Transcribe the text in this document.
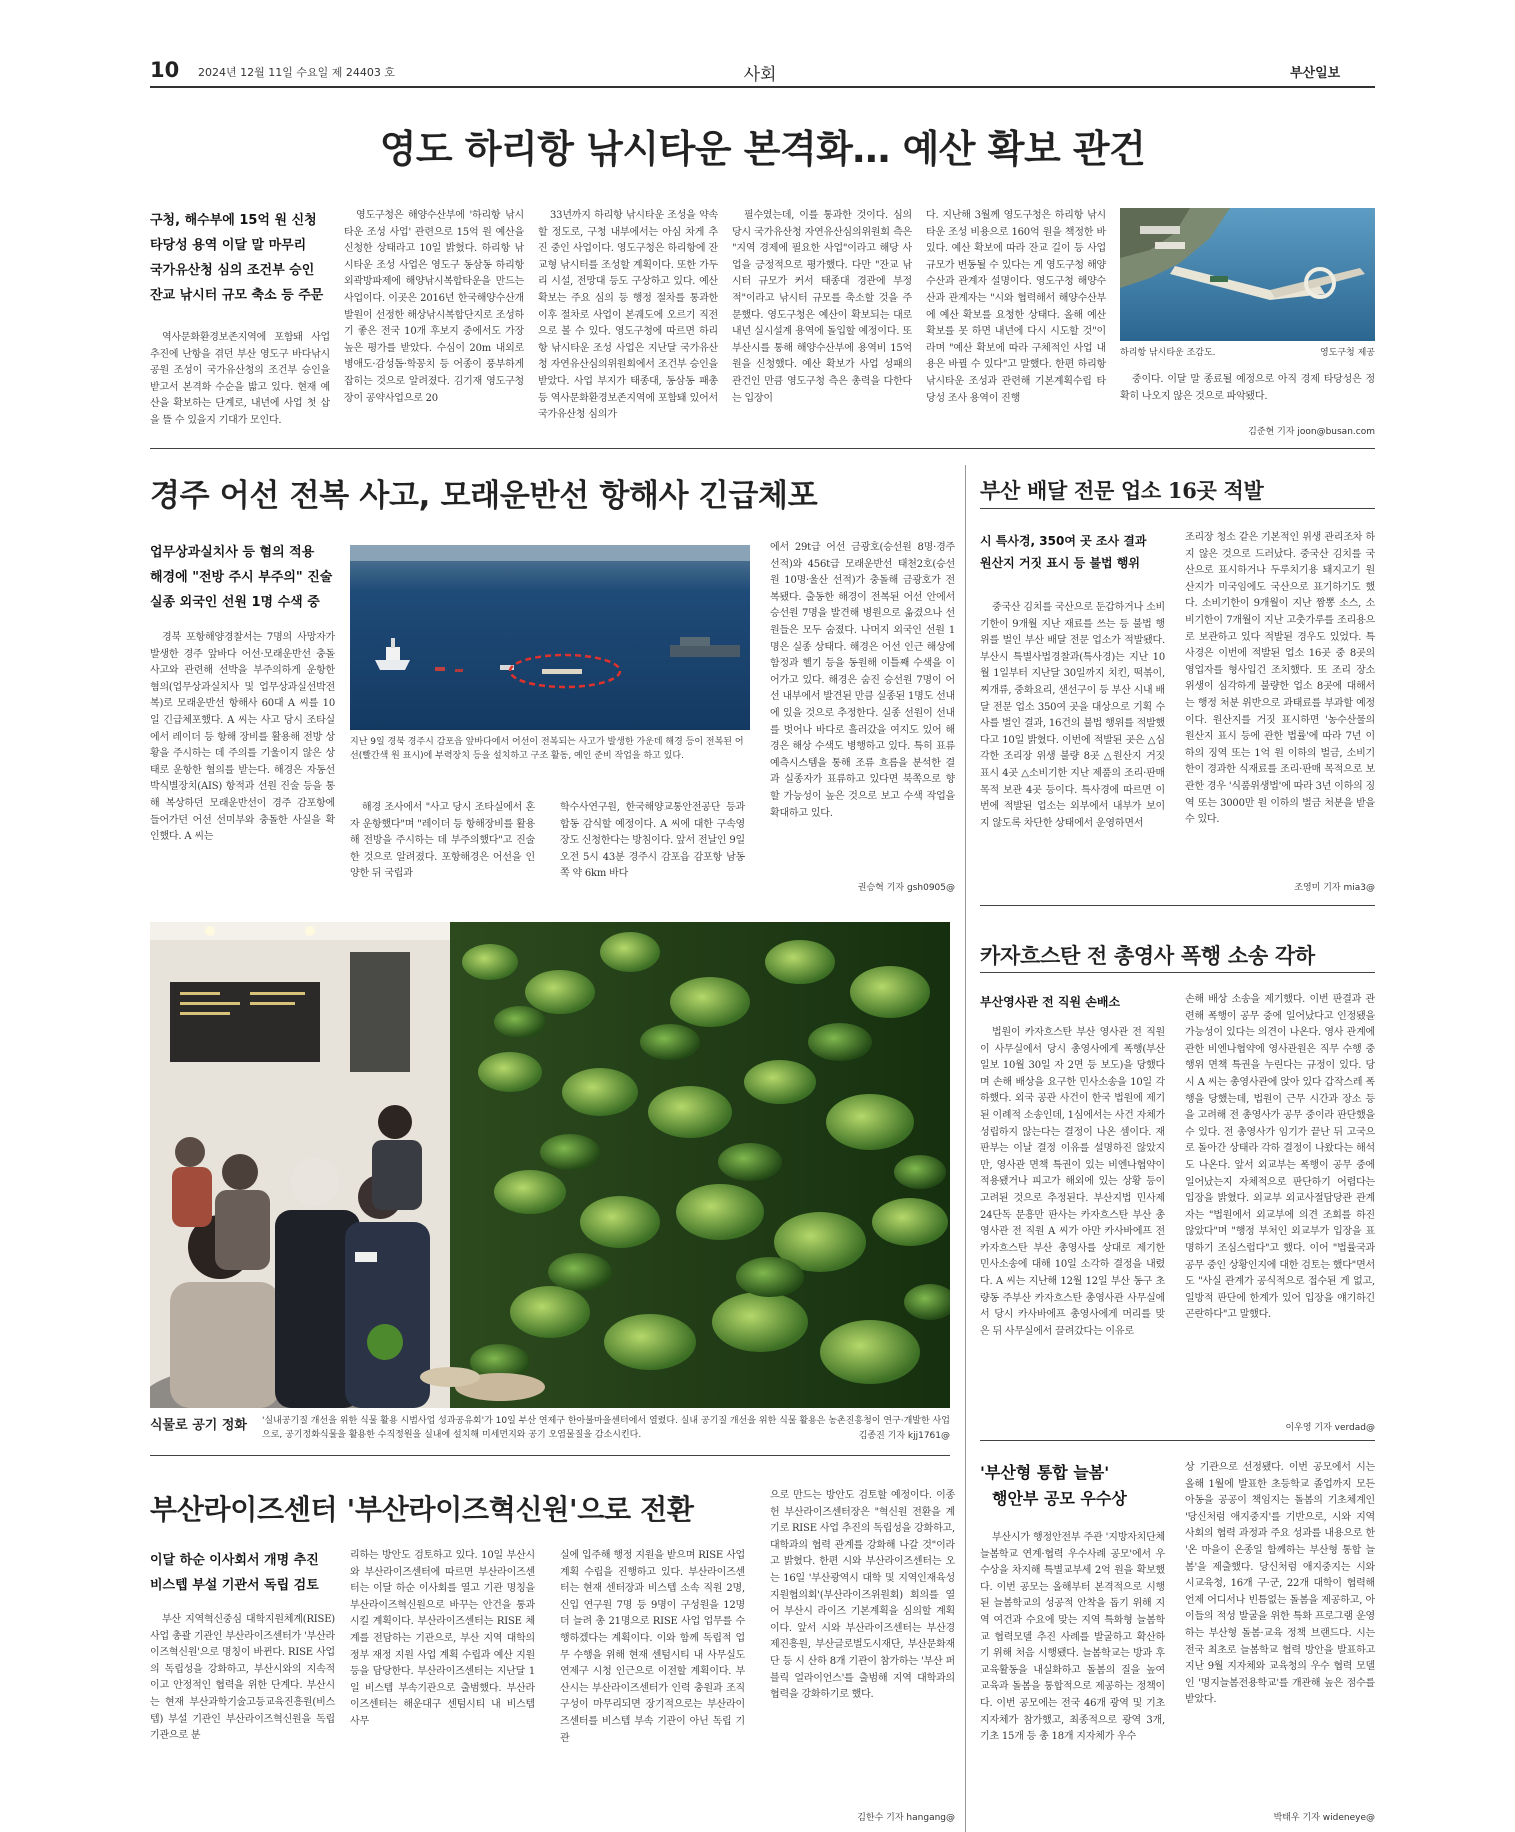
10 2024년 12월 11일 수요일 제 24403 호	사회	부산일보
영도 하리항 낚시타운 본격화… 예산 확보 관건
구청, 해수부에 15억 원 신청
타당성 용역 이달 말 마무리
국가유산청 심의 조건부 승인
잔교 낚시터 규모 축소 등 주문
역사문화환경보존지역에 포함돼 사업 추진에 난항을 겪던 부산 영도구 바다낚시 공원 조성이 국가유산청의 조건부 승인을 받고서 본격화 수순을 밟고 있다. 현재 예산을 확보하는 단계로, 내년에 사업 첫 삽을 뜰 수 있을지 기대가 모인다.
영도구청은 해양수산부에 '하리항 낚시타운 조성 사업' 관련으로 15억 원 예산을 신청한 상태라고 10일 밝혔다. 하리항 낚시타운 조성 사업은 영도구 동삼동 하리항 외곽방파제에 해양낚시복합타운을 만드는 사업이다. 이곳은 2016년 한국해양수산개발원이 선정한 해상낚시복합단지로 조성하기 좋은 전국 10개 후보지 중에서도 가장 높은 평가를 받았다. 수심이 20m 내외로 병애도·감성돔·학꽁치 등 어종이 풍부하게 잡히는 것으로 알려졌다. 김기재 영도구청장이 공약사업으로 20
33년까지 하리항 낚시타운 조성을 약속할 정도로, 구청 내부에서는 아심 차게 추진 중인 사업이다. 영도구청은 하리항에 잔교형 낚시터를 조성할 계획이다. 또한 가두리 시설, 전망대 등도 구상하고 있다. 예산 확보는 주요 심의 등 행정 절차를 통과한 이후 절차로 사업이 본궤도에 오르기 직전으로 볼 수 있다. 영도구청에 따르면 하리항 낚시타운 조성 사업은 지난달 국가유산청 자연유산심의위원회에서 조건부 승인을 받았다. 사업 부지가 태종대, 동삼동 패총 등 역사문화환경보존지역에 포함돼 있어서 국가유산청 심의가
필수였는데, 이를 통과한 것이다. 심의 당시 국가유산청 자연유산심의위원회 측은 "지역 경제에 필요한 사업"이라고 해당 사업을 긍정적으로 평가했다. 다만 "잔교 낚시터 규모가 커서 태종대 경관에 부정적"이라고 낚시터 규모를 축소할 것을 주문했다. 영도구청은 예산이 확보되는 대로 내년 실시설계 용역에 돌입할 예정이다. 또 부산시를 통해 해양수산부에 용역비 15억 원을 신청했다. 예산 확보가 사업 성패의 관건인 만큼 영도구청 측은 총력을 다한다는 입장이
다. 지난해 3월께 영도구청은 하리항 낚시타운 조성 비용으로 160억 원을 책정한 바 있다. 예산 확보에 따라 잔교 길이 등 사업 규모가 변동될 수 있다는 게 영도구청 해양수산과 관계자 설명이다. 영도구청 해양수산과 관계자는 "시와 협력해서 해양수산부에 예산 확보를 요청한 상태다. 올해 예산 확보를 못 하면 내년에 다시 시도할 것"이라며 "예산 확보에 따라 구체적인 사업 내용은 바뀔 수 있다"고 말했다. 한편 하리항 낚시타운 조성과 관련해 기본계획수립 타당성 조사 용역이 진행
하리항 낚시타운 조감도.	영도구청 제공
중이다. 이달 말 종료될 예정으로 아직 경제 타당성은 정확히 나오지 않은 것으로 파악됐다.
김준현 기자 joon@busan.com
경주 어선 전복 사고, 모래운반선 항해사 긴급체포
업무상과실치사 등 혐의 적용
해경에 "전방 주시 부주의" 진술
실종 외국인 선원 1명 수색 중
경북 포항해양경찰서는 7명의 사망자가 발생한 경주 앞바다 어선·모래운반선 충돌 사고와 관련해 선박을 부주의하게 운항한 혐의(업무상과실치사 및 업무상과실선박전복)로 모래운반선 항해사 60대 A 씨를 10일 긴급체포했다. A 씨는 사고 당시 조타실에서 레이더 등 항해 장비를 활용해 전방 상황을 주시하는 데 주의를 기울이지 않은 상태로 운항한 혐의를 받는다. 해경은 자동선박식별장치(AIS) 항적과 선원 진술 등을 통해 복상하던 모래운반선이 경주 감포항에 들어가던 어선 선미부와 충돌한 사실을 확인했다. A 씨는
지난 9일 경북 경주시 감포읍 앞바다에서 어선이 전복되는 사고가 발생한 가운데 해경 등이 전복된 어선(빨간색 원 표시)에 부력장치 등을 설치하고 구조 활동, 예인 준비 작업을 하고 있다.
해경 조사에서 "사고 당시 조타실에서 혼자 운항했다"며 "레이더 등 항해장비를 활용해 전방을 주시하는 데 부주의했다"고 진술한 것으로 알려졌다. 포항해경은 어선을 인양한 뒤 국립과
학수사연구원, 한국해양교통안전공단 등과 합동 감식할 예정이다. A 씨에 대한 구속영장도 신청한다는 방침이다. 앞서 전날인 9일 오전 5시 43분 경주시 감포읍 감포항 남동쪽 약 6km 바다
에서 29t급 어선 금광호(승선원 8명·경주 선적)와 456t급 모래운반선 태천2호(승선원 10명·울산 선적)가 충돌해 금광호가 전복됐다. 출동한 해경이 전복된 어선 안에서 승선원 7명을 발견해 병원으로 옮겼으나 선원들은 모두 숨졌다. 나머지 외국인 선원 1명은 실종 상태다. 해경은 어선 인근 해상에 함정과 헬기 등을 동원해 이틀째 수색을 이어가고 있다. 해경은 숨진 승선원 7명이 어선 내부에서 발견된 만큼 실종된 1명도 선내에 있을 것으로 추정한다. 실종 선원이 선내를 벗어나 바다로 흘러갔을 여지도 있어 해경은 해상 수색도 병행하고 있다. 특히 표류예측시스템을 통해 조류 흐름을 분석한 결과 실종자가 표류하고 있다면 북쪽으로 향할 가능성이 높은 것으로 보고 수색 작업을 확대하고 있다.
권승혁 기자 gsh0905@
부산 배달 전문 업소 16곳 적발
시 특사경, 350여 곳 조사 결과
원산지 거짓 표시 등 불법 행위
중국산 김치를 국산으로 둔갑하거나 소비기한이 9개월 지난 재료를 쓰는 등 불법 행위를 벌인 부산 배달 전문 업소가 적발됐다. 부산시 특별사법경찰과(특사경)는 지난 10월 1일부터 지난달 30일까지 치킨, 떡볶이, 찌개류, 중화요리, 샌선구이 등 부산 시내 배달 전문 업소 350여 곳을 대상으로 기획 수사를 벌인 결과, 16건의 불법 행위를 적발했다고 10일 밝혔다. 이번에 적발된 곳은 △심각한 조리장 위생 불량 8곳 △원산지 거짓 표시 4곳 △소비기한 지난 제품의 조리·판매 목적 보관 4곳 등이다. 특사경에 따르면 이번에 적발된 업소는 외부에서 내부가 보이지 않도록 차단한 상태에서 운영하면서
조리장 청소 같은 기본적인 위생 관리조차 하지 않은 것으로 드러났다. 중국산 김치를 국산으로 표시하거나 두루치기용 돼지고기 원산지가 미국임에도 국산으로 표기하기도 했다. 소비기한이 9개월이 지난 짬뽕 소스, 소비기한이 7개월이 지난 고춧가루를 조리용으로 보관하고 있다 적발된 경우도 있었다. 특사경은 이번에 적발된 업소 16곳 중 8곳의 영업자를 형사입건 조치했다. 또 조리 장소 위생이 심각하게 불량한 업소 8곳에 대해서는 행정 처분 위반으로 과태료를 부과할 예정이다. 원산지를 거짓 표시하면 '농수산물의 원산지 표시 등에 관한 법률'에 따라 7년 이하의 징역 또는 1억 원 이하의 벌금, 소비기한이 경과한 식재료를 조리·판매 목적으로 보관한 경우 '식품위생법'에 따라 3년 이하의 징역 또는 3000만 원 이하의 벌금 처분을 받을 수 있다.
조영미 기자 mia3@
카자흐스탄 전 총영사 폭행 소송 각하
부산영사관 전 직원 손배소
법원이 카자흐스탄 부산 영사관 전 직원이 사무실에서 당시 총영사에게 폭행(부산일보 10월 30일 자 2면 등 보도)을 당했다며 손해 배상을 요구한 민사소송을 10일 각하했다. 외국 공관 사건이 한국 법원에 제기된 이례적 소송인데, 1심에서는 사건 자체가 성립하지 않는다는 결정이 나온 셈이다. 재판부는 이날 결정 이유를 설명하진 않았지만, 영사관 면책 특권이 있는 비엔나협약이 적용됐거나 피고가 해외에 있는 상황 등이 고려된 것으로 추정된다. 부산지법 민사제24단독 문흥만 판사는 카자흐스탄 부산 총영사관 전 직원 A 씨가 아만 카사바에프 전 카자흐스탄 부산 총영사를 상대로 제기한 민사소송에 대해 10일 소각하 결정을 내렸다. A 씨는 지난해 12월 12일 부산 동구 초량동 주부산 카자흐스탄 총영사관 사무실에서 당시 카사바에프 총영사에게 머리를 맞은 뒤 사무실에서 끌려갔다는 이유로
손해 배상 소송을 제기했다. 이번 판결과 관련해 폭행이 공무 중에 일어났다고 인정됐을 가능성이 있다는 의견이 나온다. 영사 관계에 관한 비엔나협약에 영사관원은 직무 수행 중 행위 면책 특권을 누린다는 규정이 있다. 당시 A 씨는 총영사관에 앉아 있다 갑작스레 폭행을 당했는데, 법원이 근무 시간과 장소 등을 고려해 전 총영사가 공무 중이라 판단했을 수 있다. 전 총영사가 임기가 끝난 뒤 고국으로 돌아간 상태라 각하 결정이 나왔다는 해석도 나온다. 앞서 외교부는 폭행이 공무 중에 일어났는지 자체적으로 판단하기 어렵다는 입장을 밝혔다. 외교부 외교사절담당관 관계자는 "법원에서 외교부에 의견 조회를 하진 않았다"며 "행정 부처인 외교부가 입장을 표명하기 조심스럽다"고 했다. 이어 "법률국과 공무 중인 상황인지에 대한 검토는 했다"면서도 "사실 관계가 공식적으로 접수된 게 없고, 일방적 판단에 한계가 있어 입장을 얘기하긴 곤란하다"고 말했다.
이우영 기자 verdad@
식물로 공기 정화	'실내공기질 개선을 위한 식물 활용 시범사업 성과공유회'가 10일 부산 연제구 한아불마을센터에서 열렸다. 실내 공기질 개선을 위한 식물 활용은 농촌진흥청이 연구·개발한 사업으로, 공기정화식물을 활용한 수직정원을 실내에 설치해 미세먼지와 공기 오염물질을 감소시킨다.	김종진 기자 kjj1761@
부산라이즈센터 '부산라이즈혁신원'으로 전환
이달 하순 이사회서 개명 추진
비스텝 부설 기관서 독립 검토
부산 지역혁신중심 대학지원체계(RISE) 사업 총괄 기관인 부산라이즈센터가 '부산라이즈혁신원'으로 명칭이 바뀐다. RISE 사업의 독립성을 강화하고, 부산시와의 지속적이고 안정적인 협력을 위한 단계다. 부산시는 현재 부산과학기술고등교육진흥원(비스텝) 부설 기관인 부산라이즈혁신원을 독립 기관으로 분
리하는 방안도 검토하고 있다. 10일 부산시와 부산라이즈센터에 따르면 부산라이즈센터는 이달 하순 이사회를 열고 기관 명칭을 부산라이즈혁신원으로 바꾸는 안건을 통과시킬 계획이다. 부산라이즈센터는 RISE 체계를 전담하는 기관으로, 부산 지역 대학의 정부 재정 지원 사업 계획 수립과 예산 지원 등을 담당한다. 부산라이즈센터는 지난달 1일 비스텝 부속기관으로 출범했다. 부산라이즈센터는 해운대구 센텀시티 내 비스텝 사무
실에 입주해 행정 지원을 받으며 RISE 사업 계획 수립을 진행하고 있다. 부산라이즈센터는 현재 센터장과 비스텝 소속 직원 2명, 신입 연구원 7명 등 9명이 구성원을 12명 더 늘려 총 21명으로 RISE 사업 업무를 수행하겠다는 계획이다. 이와 함께 독립적 업무 수행을 위해 현재 센텀시티 내 사무실도 연제구 시청 인근으로 이전할 계획이다. 부산시는 부산라이즈센터가 인력 충원과 조직 구성이 마무리되면 장기적으로는 부산라이즈센터를 비스텝 부속 기관이 아닌 독립 기관
으로 만드는 방안도 검토할 예정이다. 이종헌 부산라이즈센터장은 "혁신원 전환을 계기로 RISE 사업 추진의 독립성을 강화하고, 대학과의 협력 관계를 강화해 나갈 것"이라고 밝혔다. 한편 시와 부산라이즈센터는 오는 16일 '부산광역시 대학 및 지역인재육성지원협의회'(부산라이즈위원회) 회의를 열어 부산시 라이즈 기본계획을 심의할 계획이다. 앞서 시와 부산라이즈센터는 부산경제진흥원, 부산글로벌도시재단, 부산문화재단 등 시 산하 8개 기관이 참가하는 '부산 퍼블릭 얼라이언스'를 출범해 지역 대학과의 협력을 강화하기로 했다.
김한수 기자 hangang@
'부산형 통합 늘봄'
행안부 공모 우수상
부산시가 행정안전부 주관 '지방자치단체 늘봄학교 연계·협력 우수사례 공모'에서 우수상을 차지해 특별교부세 2억 원을 확보했다. 이번 공모는 올해부터 본격적으로 시행된 늘봄학교의 성공적 안착을 돕기 위해 지역 여건과 수요에 맞는 지역 특화형 늘봄학교 협력모델 추진 사례를 발굴하고 확산하기 위해 처음 시행됐다. 늘봄학교는 방과 후 교육활동을 내실화하고 돌봄의 질을 높여 교육과 돌봄을 통합적으로 제공하는 정책이다. 이번 공모에는 전국 46개 광역 및 기초지자체가 참가했고, 최종적으로 광역 3개, 기초 15개 등 총 18개 지자체가 우수
상 기관으로 선정됐다. 이번 공모에서 시는 올해 1월에 발표한 초등학교 졸업까지 모든 아동을 공공이 책임지는 돌봄의 기초체계인 '당신처럼 애지중지'를 기반으로, 시와 지역사회의 협력 과정과 주요 성과를 내용으로 한 '온 마을이 온종일 함께하는 부산형 통합 늘봄'을 제출했다. 당신처럼 애지중지는 시와 시교육청, 16개 구·군, 22개 대학이 협력해 언제 어디서나 빈틈없는 돌봄을 제공하고, 아이들의 적성 발굴을 위한 특화 프로그램 운영하는 부산형 돌봄·교육 정책 브랜드다. 시는 전국 최초로 늘봄학교 협력 방안을 발표하고 지난 9월 지자체와 교육청의 우수 협력 모델인 '명지늘봄전용학교'를 개관해 높은 점수를 받았다.
박태우 기자 wideneye@
